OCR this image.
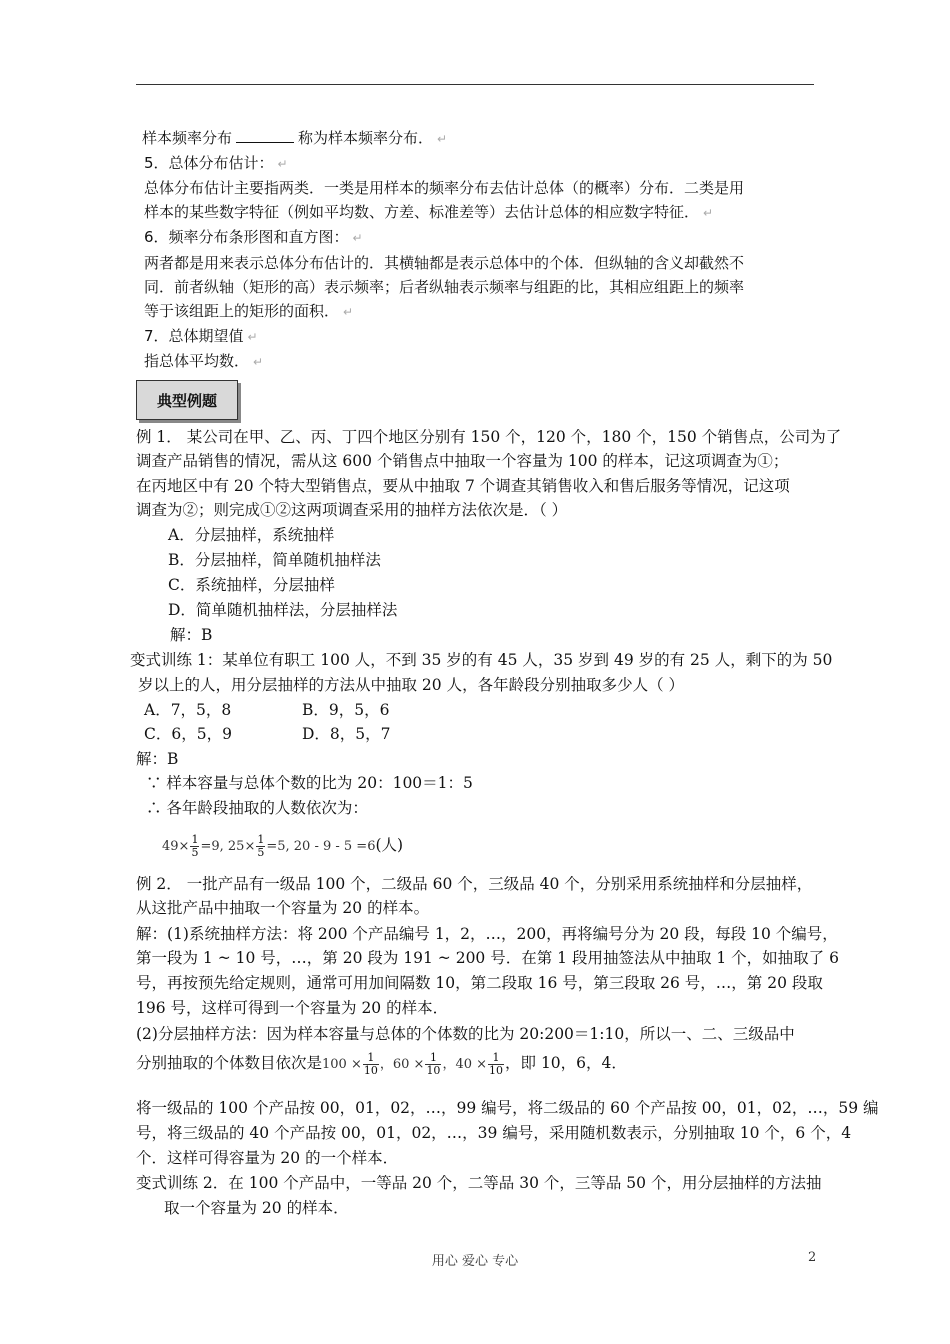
样本频率分布	称为样本频率分布． ↵
5．总体分布估计： ↵
总体分布估计主要指两类．一类是用样本的频率分布去估计总体（的概率）分布．二类是用
样本的某些数字特征（例如平均数、方差、标准差等）去估计总体的相应数字特征． ↵
6．频率分布条形图和直方图： ↵
两者都是用来表示总体分布估计的．其横轴都是表示总体中的个体．但纵轴的含义却截然不
同．前者纵轴（矩形的高）表示频率；后者纵轴表示频率与组距的比，其相应组距上的频率
等于该组距上的矩形的面积． ↵
7．总体期望值 ↵
指总体平均数． ↵
典型例题
例 1． 某公司在甲、乙、丙、丁四个地区分别有 150 个，120 个，180 个，150 个销售点，公司为了
调查产品销售的情况，需从这 600 个销售点中抽取一个容量为 100 的样本，记这项调查为①；
在丙地区中有 20 个特大型销售点，要从中抽取 7 个调查其销售收入和售后服务等情况，记这项
调查为②；则完成①②这两项调查采用的抽样方法依次是．（ ）
A．分层抽样，系统抽样
B．分层抽样，简单随机抽样法
C．系统抽样，分层抽样
D．简单随机抽样法，分层抽样法
解：B
变式训练 1：某单位有职工 100 人，不到 35 岁的有 45 人，35 岁到 49 岁的有 25 人，剩下的为 50
岁以上的人，用分层抽样的方法从中抽取 20 人，各年龄段分别抽取多少人（ ）
A．7，5，8	B．9，5，6
C．6，5，9	D．8，5，7
解：B
∵ 样本容量与总体个数的比为 20：100＝1：5
∴ 各年龄段抽取的人数依次为：
$49\times \frac{1}{5} =9$, $25\times \frac{1}{5} =5$, 20 - 9 - 5 =6(人)
例 2． 一批产品有一级品 100 个，二级品 60 个，三级品 40 个，分别采用系统抽样和分层抽样，
从这批产品中抽取一个容量为 20 的样本。
解：(1)系统抽样方法：将 200 个产品编号 1，2，…，200，再将编号分为 20 段，每段 10 个编号，
第一段为 1 ~ 10 号，…，第 20 段为 191 ~ 200 号．在第 1 段用抽签法从中抽取 1 个，如抽取了 6
号，再按预先给定规则，通常可用加间隔数 10，第二段取 16 号，第三段取 26 号，…，第 20 段取
196 号，这样可得到一个容量为 20 的样本．
(2)分层抽样方法：因为样本容量与总体的个体数的比为 20:200＝1:10，所以一、二、三级品中
分别抽取的个体数目依次是$100 \times \frac{1}{10}$ ，$60 \times \frac{1}{10}$ ，$40 \times \frac{1}{10}$ ，即 10，6，4．
将一级品的 100 个产品按 00，01，02，…，99 编号，将二级品的 60 个产品按 00，01，02，…，59 编
号，将三级品的 40 个产品按 00，01，02，…，39 编号，采用随机数表示，分别抽取 10 个，6 个，4
个．这样可得容量为 20 的一个样本．
变式训练 2．在 100 个产品中，一等品 20 个，二等品 30 个，三等品 50 个，用分层抽样的方法抽
取一个容量为 20 的样本．
用心 爱心 专心	2
